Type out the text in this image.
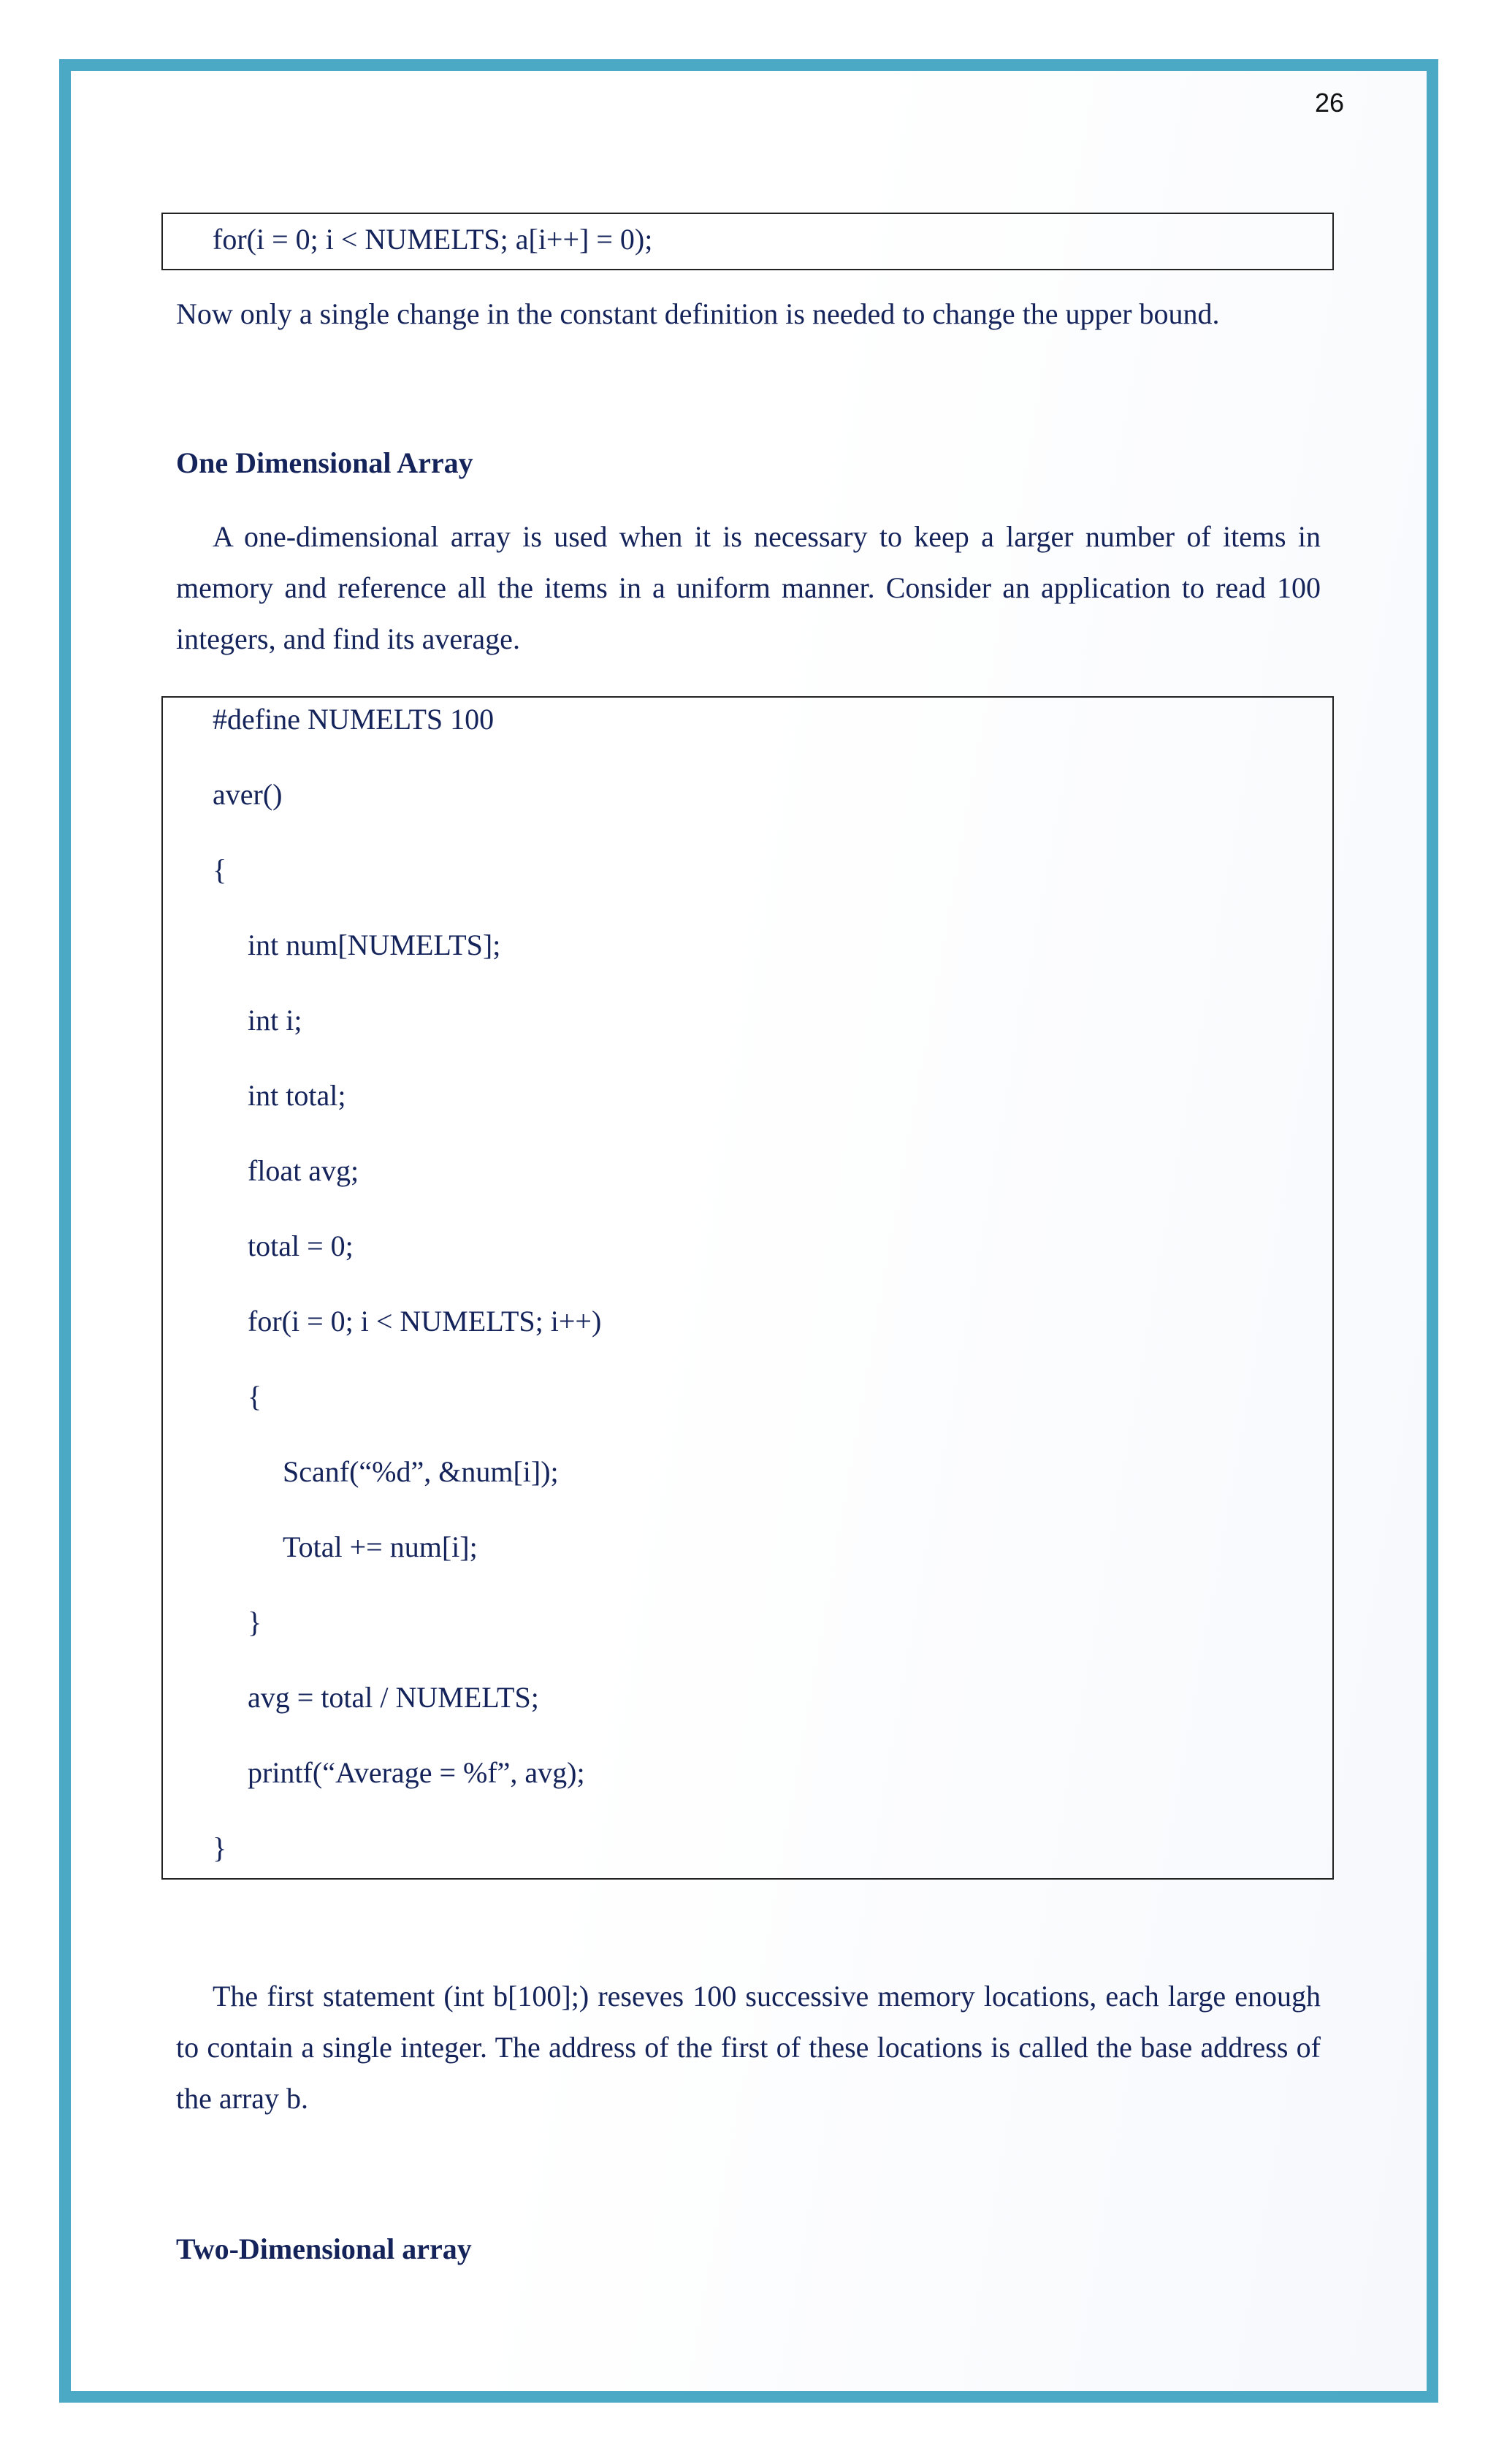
26
for(i = 0; i < NUMELTS; a[i++] = 0);
Now only a single change in the constant definition is needed to change the upper bound.
One Dimensional Array
A one-dimensional array is used when it is necessary to keep a larger number of items in memory and reference all the items in a uniform manner. Consider an application to read 100 integers, and find its average.
#define NUMELTS 100
aver()
{
int num[NUMELTS];
int i;
int total;
float avg;
total = 0;
for(i = 0; i < NUMELTS; i++)
{
Scanf(“%d”, &num[i]);
Total += num[i];
}
avg = total / NUMELTS;
printf(“Average = %f”, avg);
}
The first statement (int b[100];) reseves 100 successive memory locations, each large enough to contain a single integer. The address of the first of these locations is called the base address of the array b.
Two-Dimensional array
